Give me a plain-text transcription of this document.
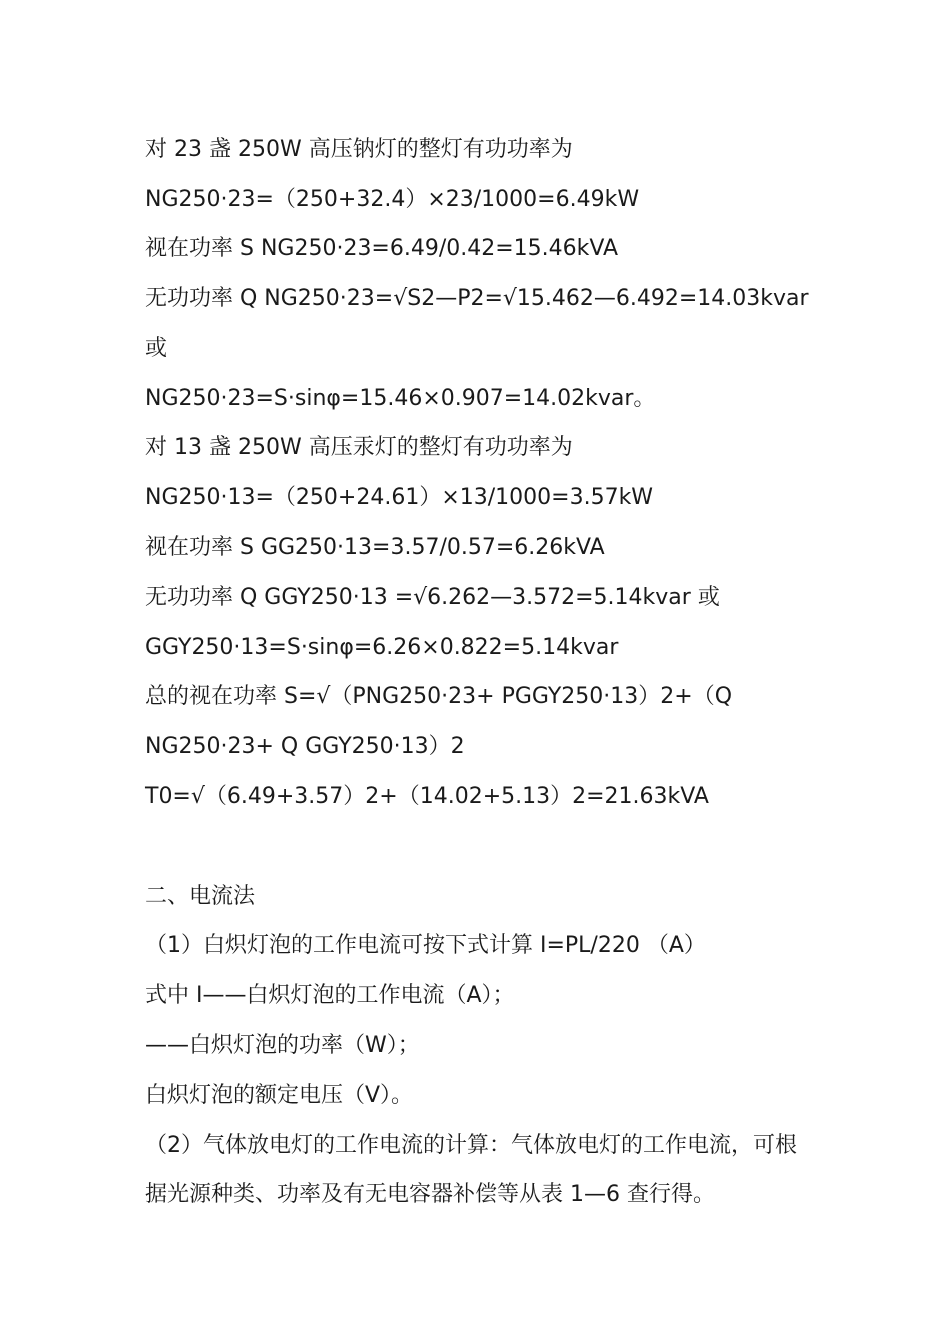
对 23 盏 250W 高压钠灯的整灯有功功率为
NG250·23=（250+32.4）×23/1000=6.49kW
视在功率 S NG250·23=6.49/0.42=15.46kVA
无功功率 Q NG250·23=√S2—P2=√15.462—6.492=14.03kvar
或
NG250·23=S·sinφ=15.46×0.907=14.02kvar。
对 13 盏 250W 高压汞灯的整灯有功功率为
NG250·13=（250+24.61）×13/1000=3.57kW
视在功率 S GG250·13=3.57/0.57=6.26kVA
无功功率 Q GGY250·13 =√6.262—3.572=5.14kvar 或
GGY250·13=S·sinφ=6.26×0.822=5.14kvar
总的视在功率 S=√（PNG250·23+ PGGY250·13）2+（Q
NG250·23+ Q GGY250·13）2
T0=√（6.49+3.57）2+（14.02+5.13）2=21.63kVA
二、电流法
（1）白炽灯泡的工作电流可按下式计算 I=PL/220 （A）
式中 I——白炽灯泡的工作电流（A）；
——白炽灯泡的功率（W）；
白炽灯泡的额定电压（V）。
（2）气体放电灯的工作电流的计算：气体放电灯的工作电流，可根
据光源种类、功率及有无电容器补偿等从表 1—6 查行得。
